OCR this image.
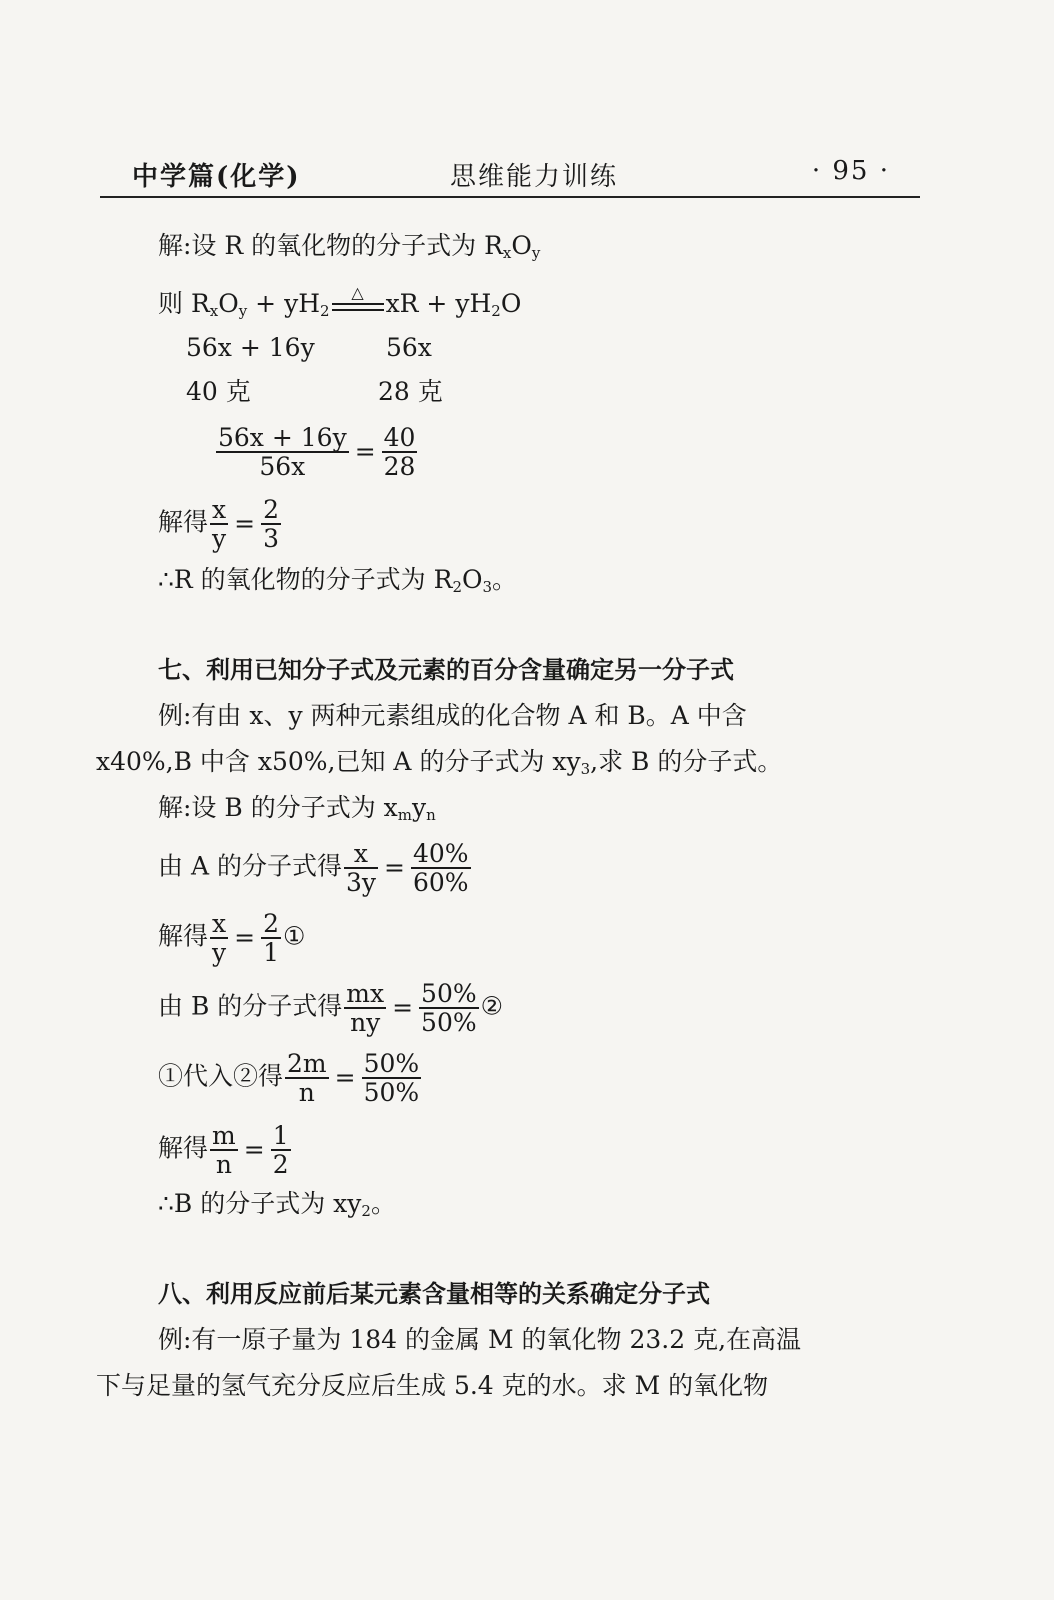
中学篇(化学)	思维能力训练	· 95 ·
解:设 R 的氧化物的分子式为 $R_xO_y$
则 $R_xO_y + yH_2$
△ xR + $yH_2O$
56x + 16y	56x
40 克	28 克
$\frac{56x + 16y}{56x} = \frac{40}{28}$
解得 $\frac{x}{y} = \frac{2}{3}$
∴R 的氧化物的分子式为 $R_2O_3$。
七、利用已知分子式及元素的百分含量确定另一分子式
例:有由 x、y 两种元素组成的化合物 A 和 B。A 中含
x40%,B 中含 x50%,已知 A 的分子式为 $xy_3$,求 B 的分子式。
解:设 B 的分子式为 $x_my_n$
由 A 的分子式得 $\frac{x}{3y} = \frac{40\%}{60\%}$
解得 $\frac{x}{y} = \frac{2}{1}$ ①
由 B 的分子式得 $\frac{mx}{ny} = \frac{50\%}{50\%}$ ②
①代入②得 $\frac{2m}{n} = \frac{50\%}{50\%}$
解得 $\frac{m}{n} = \frac{1}{2}$
∴B 的分子式为 $xy_2$。
八、利用反应前后某元素含量相等的关系确定分子式
例:有一原子量为 184 的金属 M 的氧化物 23.2 克,在高温
下与足量的氢气充分反应后生成 5.4 克的水。求 M 的氧化物
